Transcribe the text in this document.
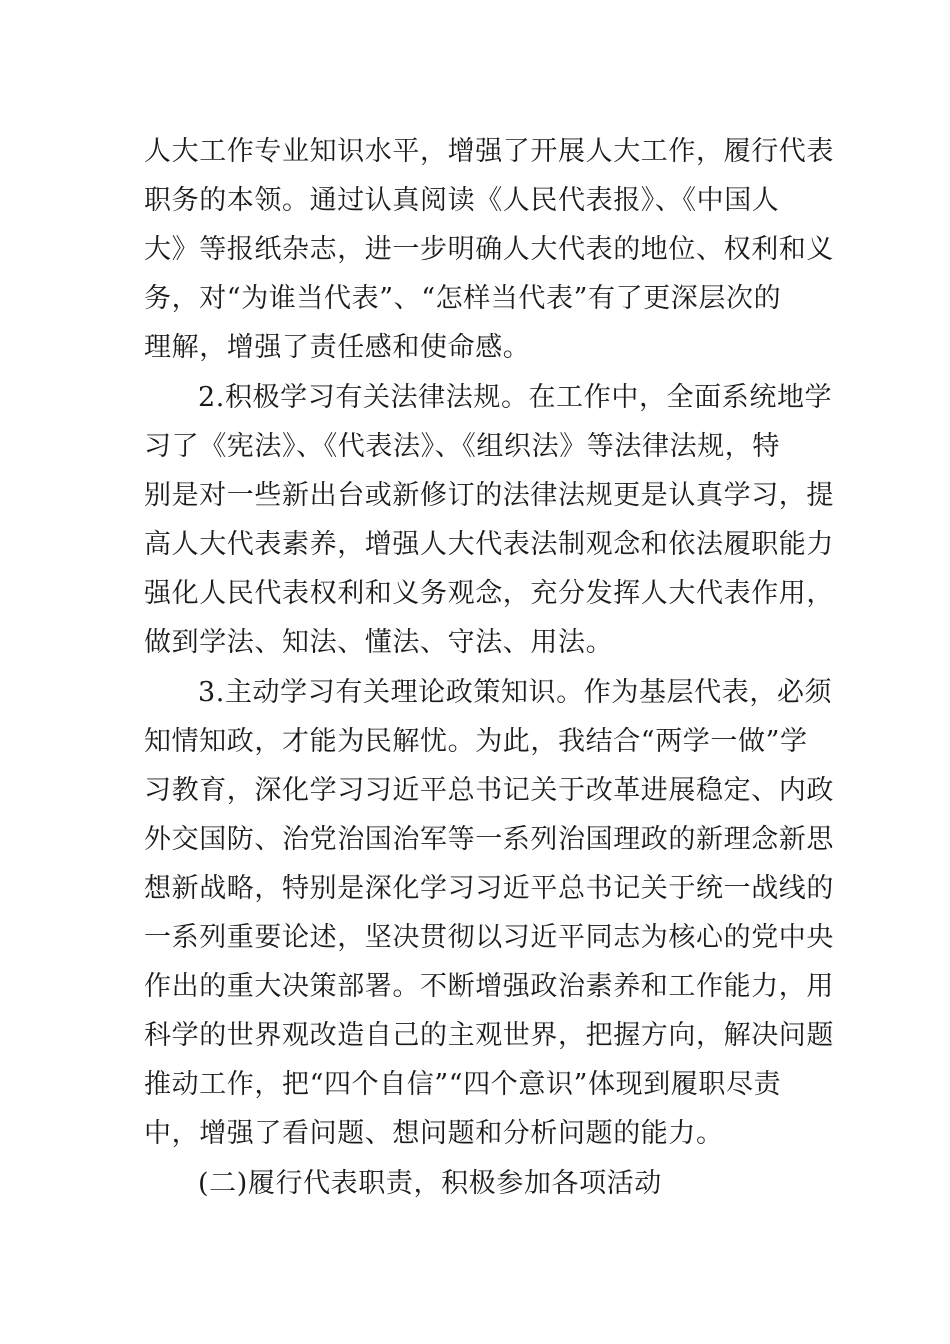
人大工作专业知识水平，增强了开展人大工作，履行代表
职务的本领。通过认真阅读《人民代表报》、《中国人
大》等报纸杂志，进一步明确人大代表的地位、权利和义
务，对“为谁当代表”、“怎样当代表”有了更深层次的
理解，增强了责任感和使命感。
2.积极学习有关法律法规。在工作中，全面系统地学
习了《宪法》、《代表法》、《组织法》等法律法规，特
别是对一些新出台或新修订的法律法规更是认真学习，提
高人大代表素养，增强人大代表法制观念和依法履职能力
强化人民代表权利和义务观念，充分发挥人大代表作用，
做到学法、知法、懂法、守法、用法。
3.主动学习有关理论政策知识。作为基层代表，必须
知情知政，才能为民解忧。为此，我结合“两学一做”学
习教育，深化学习习近平总书记关于改革进展稳定、内政
外交国防、治党治国治军等一系列治国理政的新理念新思
想新战略，特别是深化学习习近平总书记关于统一战线的
一系列重要论述，坚决贯彻以习近平同志为核心的党中央
作出的重大决策部署。不断增强政治素养和工作能力，用
科学的世界观改造自己的主观世界，把握方向，解决问题
推动工作，把“四个自信”“四个意识”体现到履职尽责
中，增强了看问题、想问题和分析问题的能力。
(二)履行代表职责，积极参加各项活动
